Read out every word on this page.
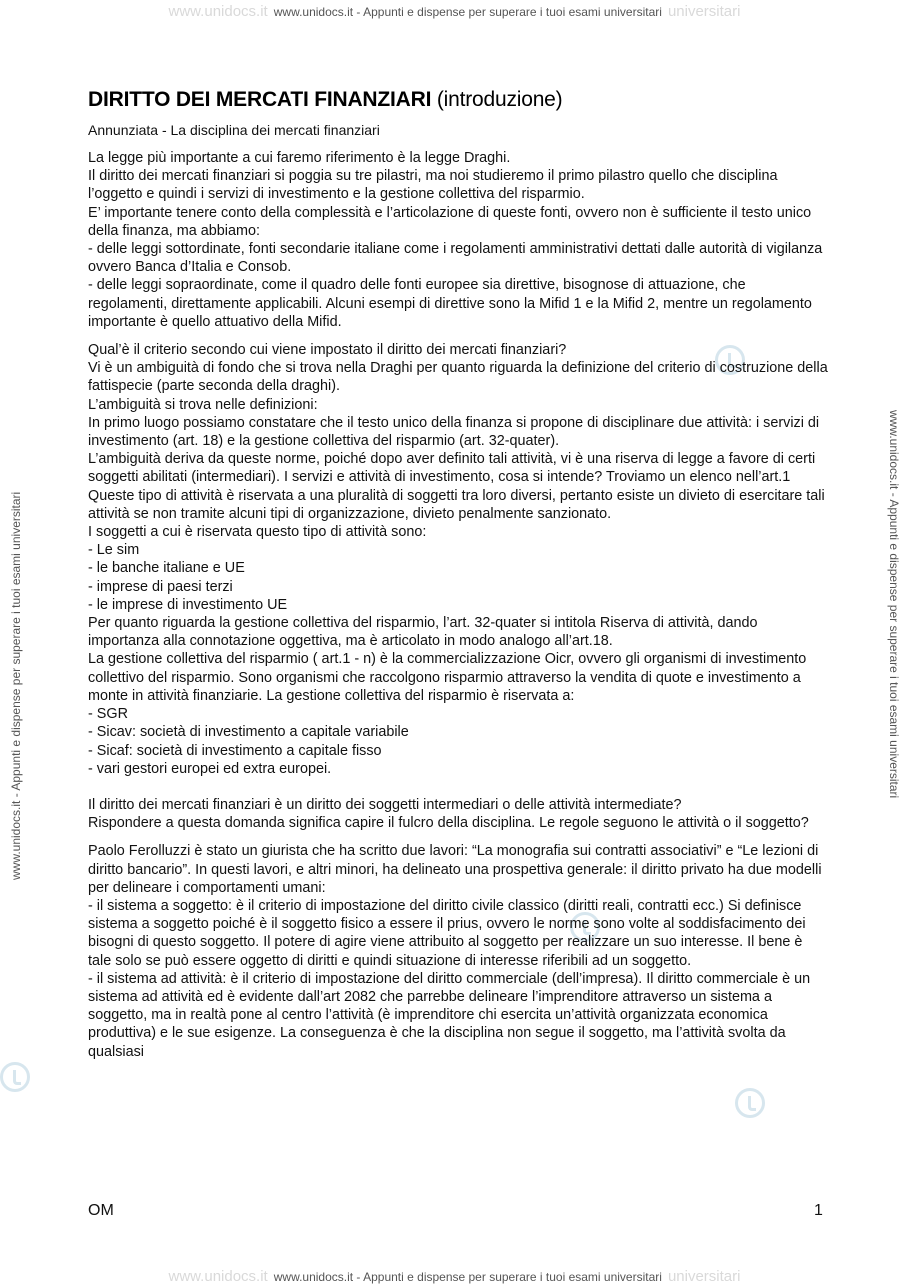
www.unidocs.it www.unidocs.it - Appunti e dispense per superare i tuoi esami universitari universitari
www.unidocs.it - Appunti e dispense per superare i tuoi esami universitari	www.unidocs.it - Appunti e dispense per superare i tuoi esami universitari
DIRITTO DEI MERCATI FINANZIARI (introduzione)
Annunziata - La disciplina dei mercati finanziari
La legge più importante a cui faremo riferimento è la legge Draghi.
Il diritto dei mercati finanziari si poggia su tre pilastri, ma noi studieremo il primo pilastro quello che disciplina l’oggetto e quindi i servizi di investimento e la gestione collettiva del risparmio.
E’ importante tenere conto della complessità e l’articolazione di queste fonti, ovvero non è sufficiente il testo unico della finanza, ma abbiamo:
- delle leggi sottordinate, fonti secondarie italiane come i regolamenti amministrativi dettati dalle autorità di vigilanza ovvero Banca d’Italia e Consob.
- delle leggi sopraordinate, come il quadro delle fonti europee sia direttive, bisognose di attuazione, che regolamenti, direttamente applicabili. Alcuni esempi di direttive sono la Mifid 1 e la Mifid 2, mentre un regolamento importante è quello attuativo della Mifid.
Qual’è il criterio secondo cui viene impostato il diritto dei mercati finanziari?
Vi è un ambiguità di fondo che si trova nella Draghi per quanto riguarda la definizione del criterio di costruzione della fattispecie (parte seconda della draghi).
L’ambiguità si trova nelle definizioni:
In primo luogo possiamo constatare che il testo unico della finanza si propone di disciplinare due attività: i servizi di investimento (art. 18) e la gestione collettiva del risparmio (art. 32-quater).
L’ambiguità deriva da queste norme, poiché dopo aver definito tali attività, vi è una riserva di legge a favore di certi soggetti abilitati (intermediari). I servizi e attività di investimento, cosa si intende? Troviamo un elenco nell’art.1
Queste tipo di attività è riservata a una pluralità di soggetti tra loro diversi, pertanto esiste un divieto di esercitare tali attività se non tramite alcuni tipi di organizzazione, divieto penalmente sanzionato.
I soggetti a cui è riservata questo tipo di attività sono:
- Le sim
- le banche italiane e UE
- imprese di paesi terzi
- le imprese di investimento UE
Per quanto riguarda la gestione collettiva del risparmio, l’art. 32-quater si intitola Riserva di attività, dando importanza alla connotazione oggettiva, ma è articolato in modo analogo all’art.18.
La gestione collettiva del risparmio ( art.1 - n) è la commercializzazione Oicr, ovvero gli organismi di investimento collettivo del risparmio. Sono organismi che raccolgono risparmio attraverso la vendita di quote e investimento a monte in attività finanziarie. La gestione collettiva del risparmio è riservata a:
- SGR
- Sicav: società di investimento a capitale variabile
- Sicaf: società di investimento a capitale fisso
- vari gestori europei ed extra europei.
Il diritto dei mercati finanziari è un diritto dei soggetti intermediari o delle attività intermediate?
Rispondere a questa domanda significa capire il fulcro della disciplina. Le regole seguono le attività o il soggetto?
Paolo Ferolluzzi è stato un giurista che ha scritto due lavori: “La monografia sui contratti associativi” e “Le lezioni di diritto bancario”. In questi lavori, e altri minori, ha delineato una prospettiva generale: il diritto privato ha due modelli per delineare i comportamenti umani:
- il sistema a soggetto: è il criterio di impostazione del diritto civile classico (diritti reali, contratti ecc.) Si definisce sistema a soggetto poiché è il soggetto fisico a essere il prius, ovvero le norme sono volte al soddisfacimento dei bisogni di questo soggetto. Il potere di agire viene attribuito al soggetto per realizzare un suo interesse. Il bene è tale solo se può essere oggetto di diritti e quindi situazione di interesse riferibili ad un soggetto.
- il sistema ad attività: è il criterio di impostazione del diritto commerciale (dell’impresa). Il diritto commerciale è un sistema ad attività ed è evidente dall’art 2082 che parrebbe delineare l’imprenditore attraverso un sistema a soggetto, ma in realtà pone al centro l’attività (è imprenditore chi esercita un’attività organizzata economica produttiva) e le sue esigenze. La conseguenza è che la disciplina non segue il soggetto, ma l’attività svolta da qualsiasi
OM	1
www.unidocs.it www.unidocs.it - Appunti e dispense per superare i tuoi esami universitari universitari
